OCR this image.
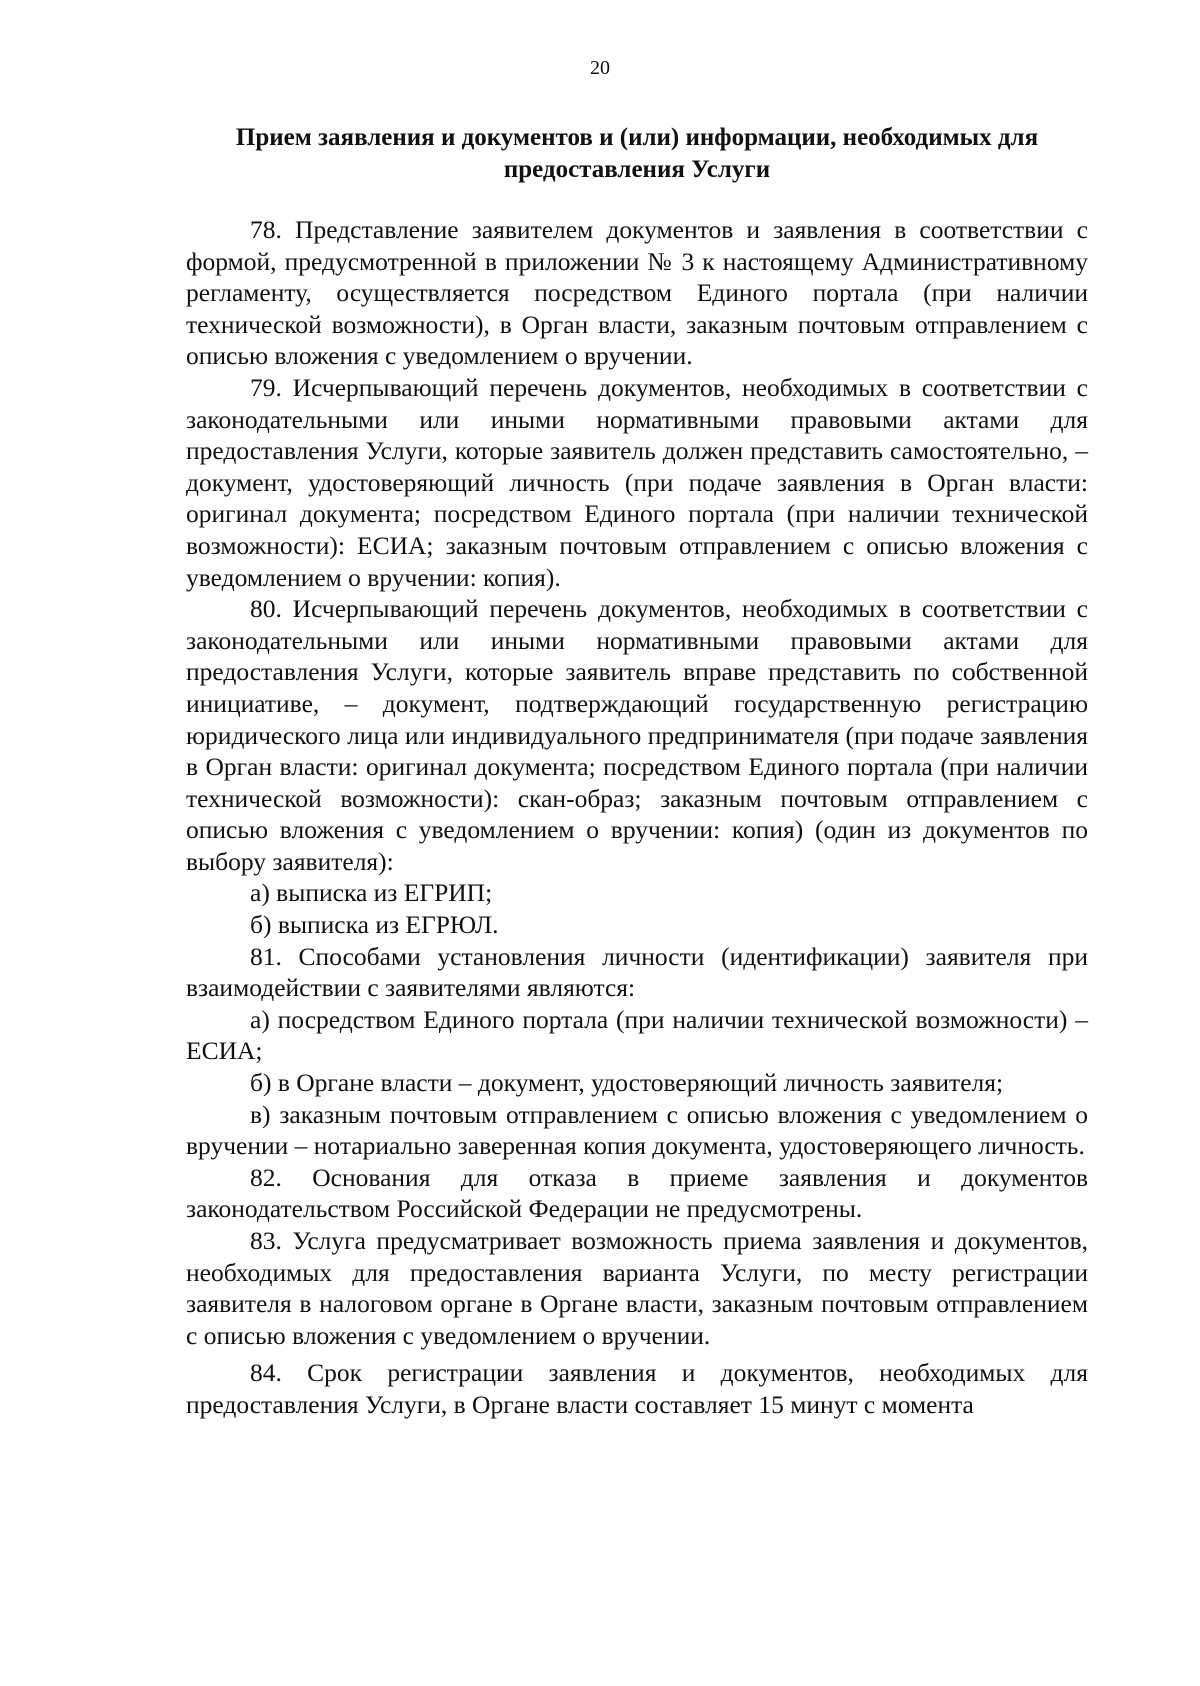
20
Прием заявления и документов и (или) информации, необходимых для
предоставления Услуги

78. Представление заявителем документов и заявления в соответствии с формой, предусмотренной в приложении № 3 к настоящему Административному регламенту, осуществляется посредством Единого портала (при наличии технической возможности), в Орган власти, заказным почтовым отправлением с описью вложения с уведомлением о вручении.

79. Исчерпывающий перечень документов, необходимых в соответствии с законодательными или иными нормативными правовыми актами для предоставления Услуги, которые заявитель должен представить самостоятельно, – документ, удостоверяющий личность (при подаче заявления в Орган власти: оригинал документа; посредством Единого портала (при наличии технической возможности): ЕСИА; заказным почтовым отправлением с описью вложения с уведомлением о вручении: копия).

80. Исчерпывающий перечень документов, необходимых в соответствии с законодательными или иными нормативными правовыми актами для предоставления Услуги, которые заявитель вправе представить по собственной инициативе, – документ, подтверждающий государственную регистрацию юридического лица или индивидуального предпринимателя (при подаче заявления в Орган власти: оригинал документа; посредством Единого портала (при наличии технической возможности): скан-образ; заказным почтовым отправлением с описью вложения с уведомлением о вручении: копия) (один из документов по выбору заявителя):

а) выписка из ЕГРИП;

б) выписка из ЕГРЮЛ.

81. Способами установления личности (идентификации) заявителя при взаимодействии с заявителями являются:

а) посредством Единого портала (при наличии технической возможности) – ЕСИА;

б) в Органе власти – документ, удостоверяющий личность заявителя;

в) заказным почтовым отправлением с описью вложения с уведомлением о вручении – нотариально заверенная копия документа, удостоверяющего личность.

82. Основания для отказа в приеме заявления и документов законодательством Российской Федерации не предусмотрены.

83. Услуга предусматривает возможность приема заявления и документов, необходимых для предоставления варианта Услуги, по месту регистрации заявителя в налоговом органе в Органе власти, заказным почтовым отправлением с описью вложения с уведомлением о вручении.

84. Срок регистрации заявления и документов, необходимых для предоставления Услуги, в Органе власти составляет 15 минут с момента
